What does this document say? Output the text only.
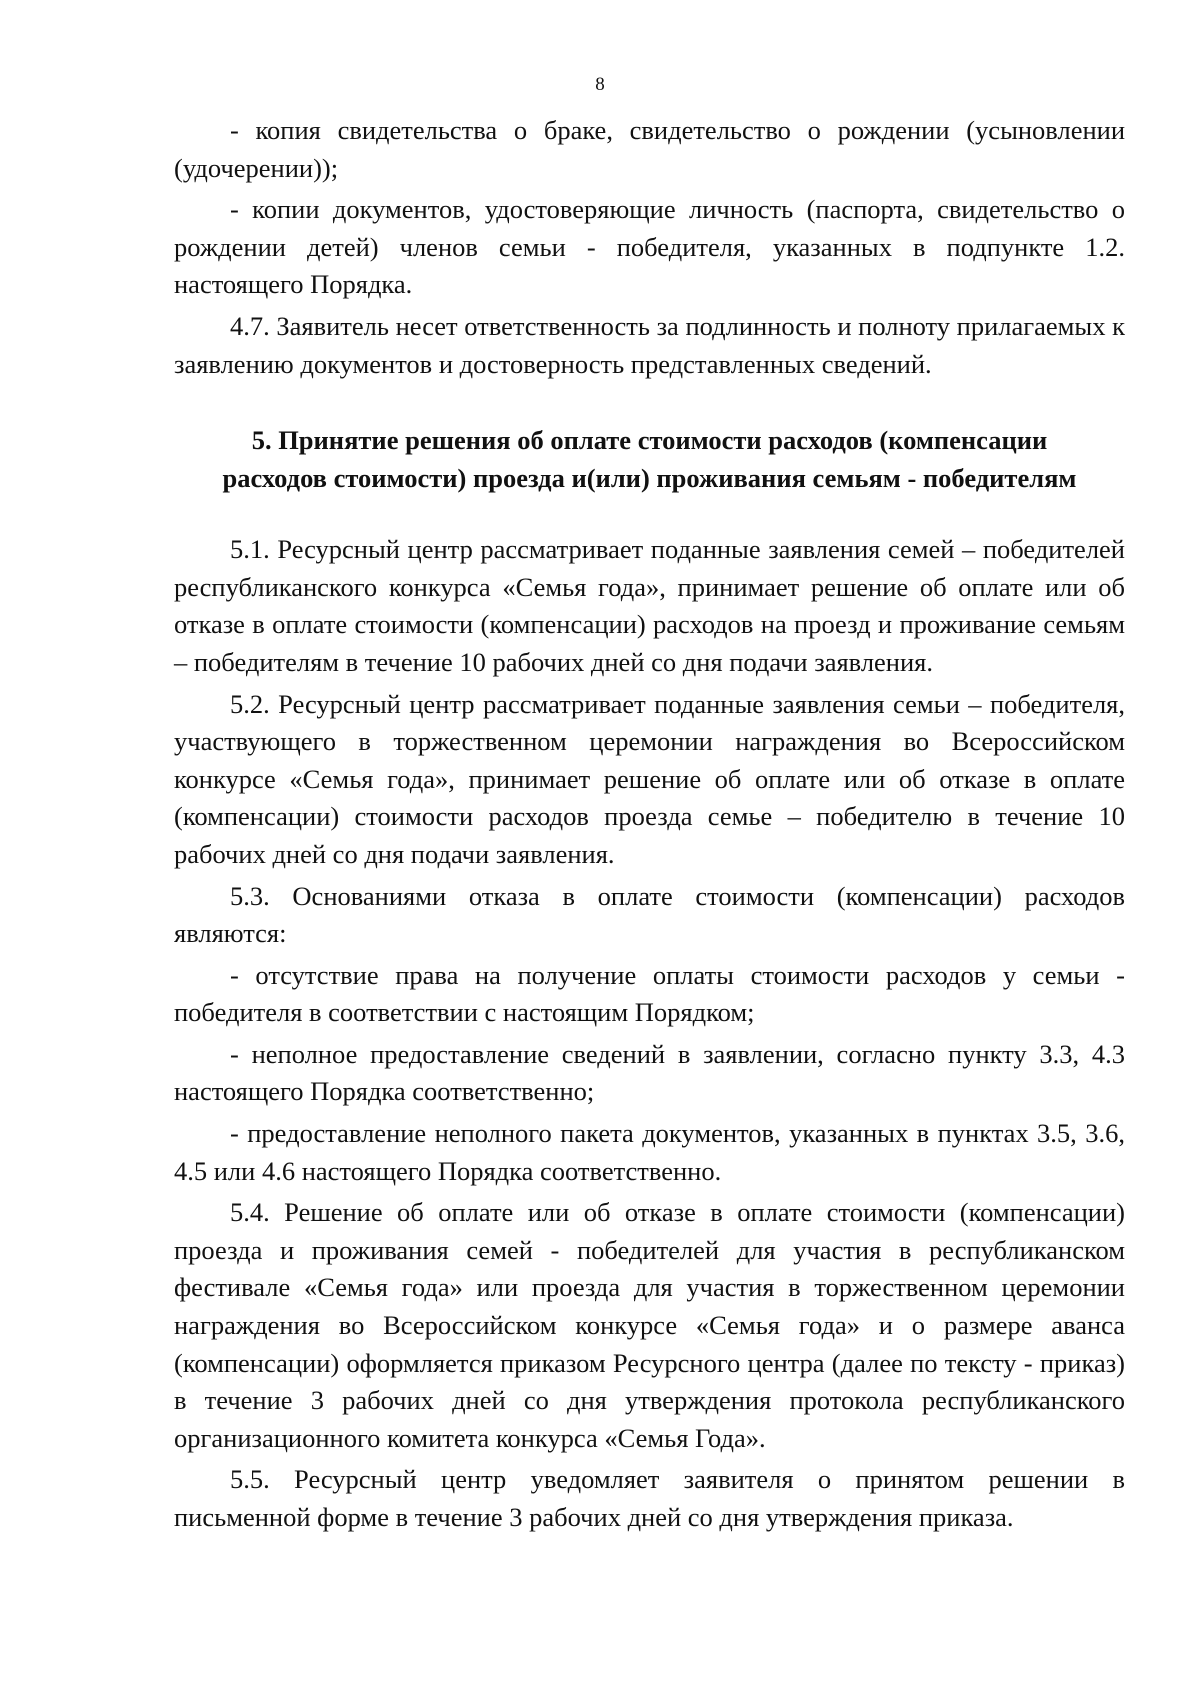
8

- копия свидетельства о браке, свидетельство о рождении (усыновлении (удочерении));

- копии документов, удостоверяющие личность (паспорта, свидетельство о рождении детей) членов семьи - победителя, указанных в подпункте 1.2. настоящего Порядка.

4.7. Заявитель несет ответственность за подлинность и полноту прилагаемых к заявлению документов и достоверность представленных сведений.

5. Принятие решения об оплате стоимости расходов (компенсации
расходов стоимости) проезда и(или) проживания семьям - победителям

5.1. Ресурсный центр рассматривает поданные заявления семей – победителей республиканского конкурса «Семья года», принимает решение об оплате или об отказе в оплате стоимости (компенсации) расходов на проезд и проживание семьям – победителям в течение 10 рабочих дней со дня подачи заявления.

5.2. Ресурсный центр рассматривает поданные заявления семьи – победителя, участвующего в торжественном церемонии награждения во Всероссийском конкурсе «Семья года», принимает решение об оплате или об отказе в оплате (компенсации) стоимости расходов проезда семье – победителю в течение 10 рабочих дней со дня подачи заявления.

5.3. Основаниями отказа в оплате стоимости (компенсации) расходов являются:

- отсутствие права на получение оплаты стоимости расходов у семьи - победителя в соответствии с настоящим Порядком;

- неполное предоставление сведений в заявлении, согласно пункту 3.3, 4.3 настоящего Порядка соответственно;

- предоставление неполного пакета документов, указанных в пунктах 3.5, 3.6, 4.5 или 4.6 настоящего Порядка соответственно.

5.4. Решение об оплате или об отказе в оплате стоимости (компенсации) проезда и проживания семей - победителей для участия в республиканском фестивале «Семья года» или проезда для участия в торжественном церемонии награждения во Всероссийском конкурсе «Семья года» и о размере аванса (компенсации) оформляется приказом Ресурсного центра (далее по тексту - приказ) в течение 3 рабочих дней со дня утверждения протокола республиканского организационного комитета конкурса «Семья Года».

5.5. Ресурсный центр уведомляет заявителя о принятом решении в письменной форме в течение 3 рабочих дней со дня утверждения приказа.
